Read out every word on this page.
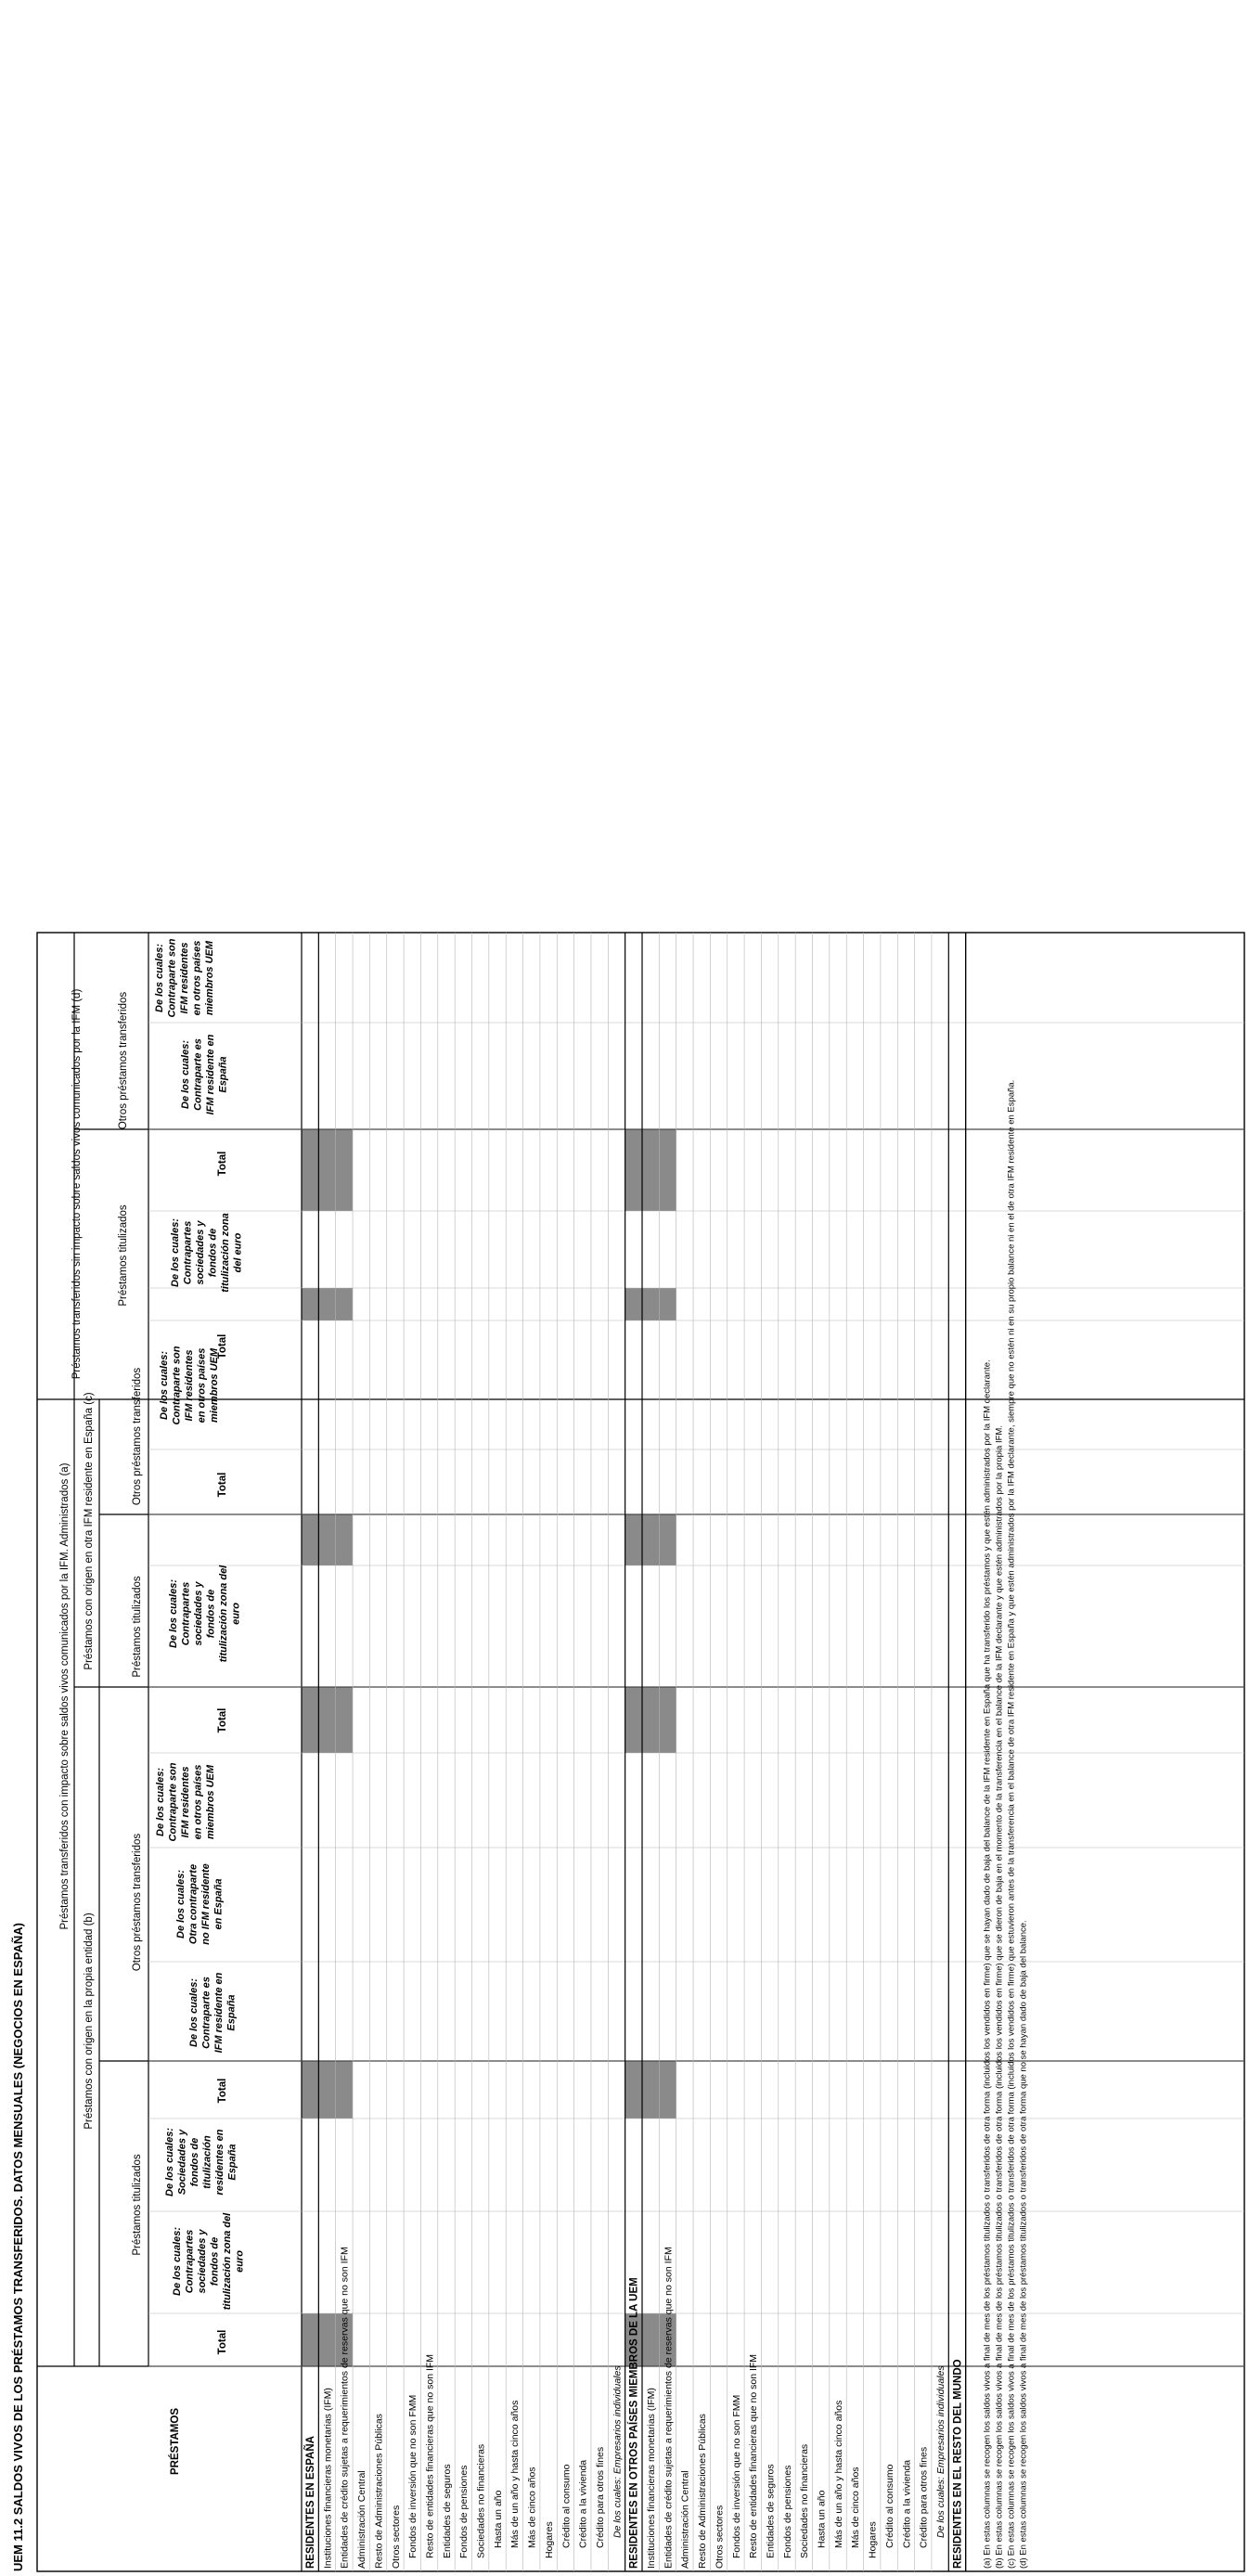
UEM 11.2 SALDOS VIVOS DE LOS PRÉSTAMOS TRANSFERIDOS. DATOS MENSUALES (NEGOCIOS EN ESPAÑA)	PRÉSTAMOS
Préstamos transferidos con impacto sobre saldos vivos comunicados por la IFM. Administrados (a)
Préstamos con origen en la propia entidad (b)
Préstamos con origen en otra IFM residente en España (c)
Préstamos transferidos sin impacto sobre saldos vivos comunicados por la IFM (d)
Préstamos titulizados
Otros préstamos transferidos
Préstamos titulizados
Otros préstamos transferidos
Préstamos titulizados
Otros préstamos transferidos
Total
Total
Total
Total
Total
Total
De los cuales: Contrapartes sociedades y fondos de titulización zona del euro
De los cuales: Sociedades y fondos de titulización residentes en España
De los cuales: Contraparte es IFM residente en España
De los cuales: Otra contraparte no IFM residente en España
De los cuales: Contraparte son IFM residentes en otros países miembros UEM
De los cuales: Contrapartes sociedades y fondos de titulización zona del euro
De los cuales: Contraparte son IFM residentes en otros países miembros UEM
De los cuales: Contrapartes sociedades y fondos de titulización zona del euro
De los cuales: Contraparte es IFM residente en España
De los cuales: Contraparte son IFM residentes en otros países miembros UEM
RESIDENTES EN ESPAÑA Instituciones financieras monetarias (IFM) Entidades de crédito sujetas a requerimientos de reservas que no son IFM Administración Central Resto de Administraciones Públicas Otros sectores Fondos de inversión que no son FMM Resto de entidades financieras que no son IFM Entidades de seguros Fondos de pensiones Sociedades no financieras Hasta un año Más de un año y hasta cinco años Más de cinco años Hogares Crédito al consumo Crédito a la vivienda Crédito para otros fines De los cuales: Empresarios individuales RESIDENTES EN OTROS PAÍSES MIEMBROS DE LA UEM Instituciones financieras monetarias (IFM) Entidades de crédito sujetas a requerimientos de reservas que no son IFM Administración Central Resto de Administraciones Públicas Otros sectores Fondos de inversión que no son FMM Resto de entidades financieras que no son IFM Entidades de seguros Fondos de pensiones Sociedades no financieras Hasta un año Más de un año y hasta cinco años Más de cinco años Hogares Crédito al consumo Crédito a la vivienda Crédito para otros fines De los cuales: Empresarios individuales RESIDENTES EN EL RESTO DEL MUNDO (a) En estas columnas se recogen los saldos vivos a final de mes de los préstamos titulizados o transferidos de otra forma (incluidos los vendidos en firme) que se hayan dado de baja del balance de la IFM residente en España que ha transferido los préstamos y que estén administrados por la IFM declarante. (b) En estas columnas se recogen los saldos vivos a final de mes de los préstamos titulizados o transferidos de otra forma (incluidos los vendidos en firme) que se dieron de baja en el momento de la transferencia en el balance de la IFM declarante y que estén administrados por la propia IFM. (c) En estas columnas se recogen los saldos vivos a final de mes de los préstamos titulizados o transferidos de otra forma (incluidos los vendidos en firme) que estuvieron antes de la transferencia en el balance de otra IFM residente en España y que estén administrados por la IFM declarante, siempre que no estén ni en su propio balance ni en el de otra IFM residente en España. (d) En estas columnas se recogen los saldos vivos a final de mes de los préstamos titulizados o transferidos de otra forma que no se hayan dado de baja del balance.
